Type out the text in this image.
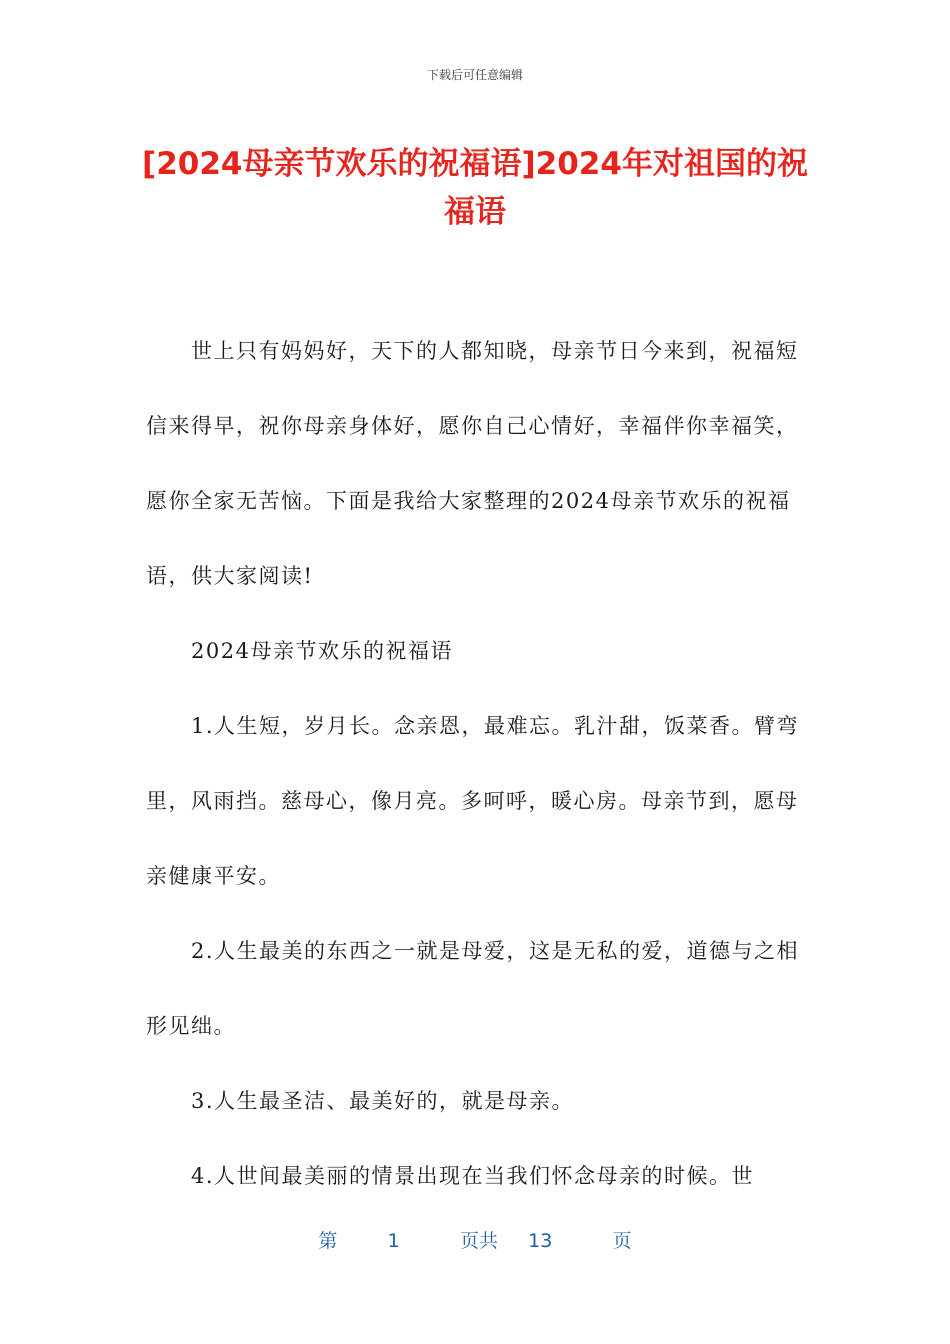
下载后可任意编辑
[2024母亲节欢乐的祝福语]2024年对祖国的祝福语

世上只有妈妈好，天下的人都知晓，母亲节日今来到，祝福短信来得早，祝你母亲身体好，愿你自己心情好，幸福伴你幸福笑，愿你全家无苦恼。下面是我给大家整理的2024母亲节欢乐的祝福语，供大家阅读!

2024母亲节欢乐的祝福语

1.人生短，岁月长。念亲恩，最难忘。乳汁甜，饭菜香。臂弯里，风雨挡。慈母心，像月亮。多呵呼，暖心房。母亲节到，愿母亲健康平安。

2.人生最美的东西之一就是母爱，这是无私的爱，道德与之相形见绌。

3.人生最圣洁、最美好的，就是母亲。

4.人世间最美丽的情景出现在当我们怀念母亲的时候。世

第	1	页共 13	页
